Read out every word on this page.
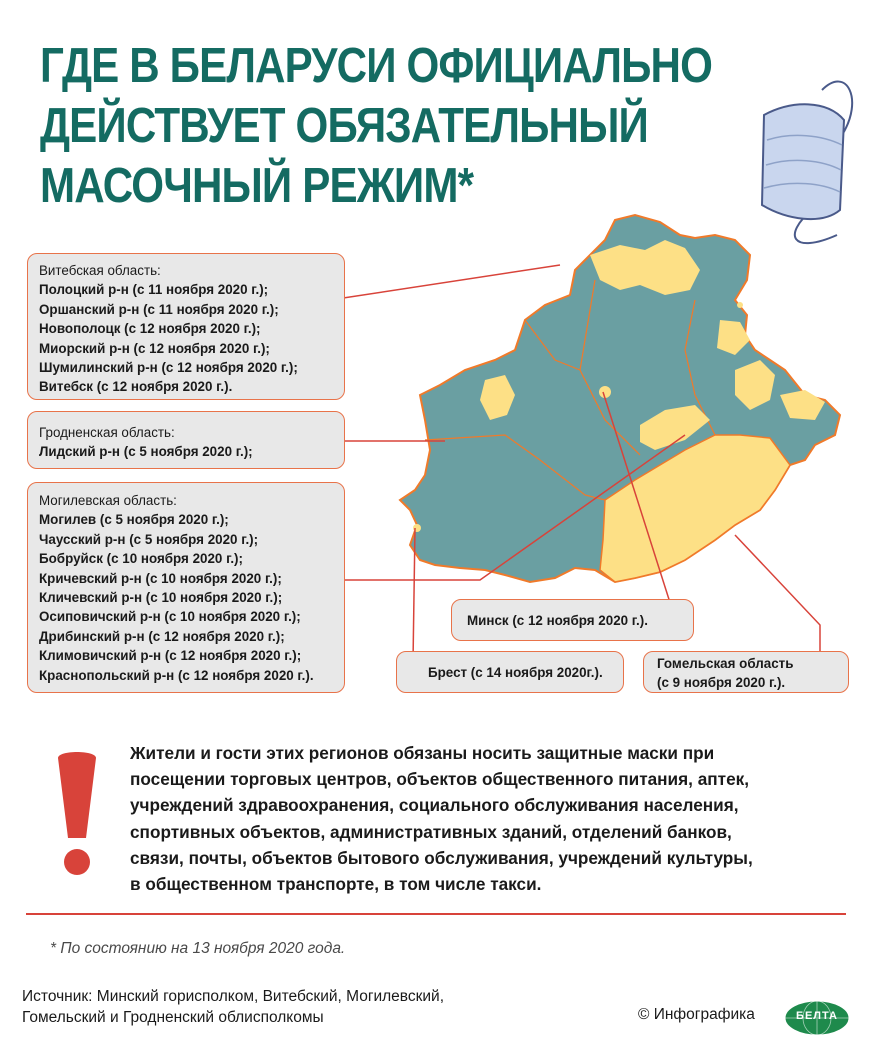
ГДЕ В БЕЛАРУСИ ОФИЦИАЛЬНО
ДЕЙСТВУЕТ ОБЯЗАТЕЛЬНЫЙ
МАСОЧНЫЙ РЕЖИМ*
Витебская область:
Полоцкий р-н (с 11 ноября 2020 г.);
Оршанский р-н (с 11 ноября 2020 г.);
Новополоцк (с 12 ноября 2020 г.);
Миорский р-н (с 12 ноября 2020 г.);
Шумилинский р-н (с 12 ноября 2020 г.);
Витебск (с 12 ноября 2020 г.).
Гродненская область:
Лидский р-н (с 5 ноября 2020 г.);
Могилевская область:
Могилев (с 5 ноября 2020 г.);
Чаусский р-н (с 5 ноября 2020 г.);
Бобруйск (с 10 ноября 2020 г.);
Кричевский р-н (с 10 ноября 2020 г.);
Кличевский р-н (с 10 ноября 2020 г.);
Осиповичский р-н (с 10 ноября 2020 г.);
Дрибинский р-н (с 12 ноября 2020 г.);
Климовичский р-н (с 12 ноября 2020 г.);
Краснопольский р-н (с 12 ноября 2020 г.).
Минск (с 12 ноября 2020 г.).
Брест (с 14 ноября 2020г.).
Гомельская область
(с 9 ноября 2020 г.).
Жители и гости этих регионов обязаны носить защитные маски при
посещении торговых центров, объектов общественного питания, аптек,
учреждений здравоохранения, социального обслуживания населения,
спортивных объектов, административных зданий, отделений банков,
связи, почты, объектов бытового обслуживания, учреждений культуры,
в общественном транспорте, в том числе такси.
* По состоянию на 13 ноября 2020 года.
Источник: Минский горисполком, Витебский, Могилевский,
Гомельский и Гродненский облисполкомы	© Инфографика	БЕЛТА
